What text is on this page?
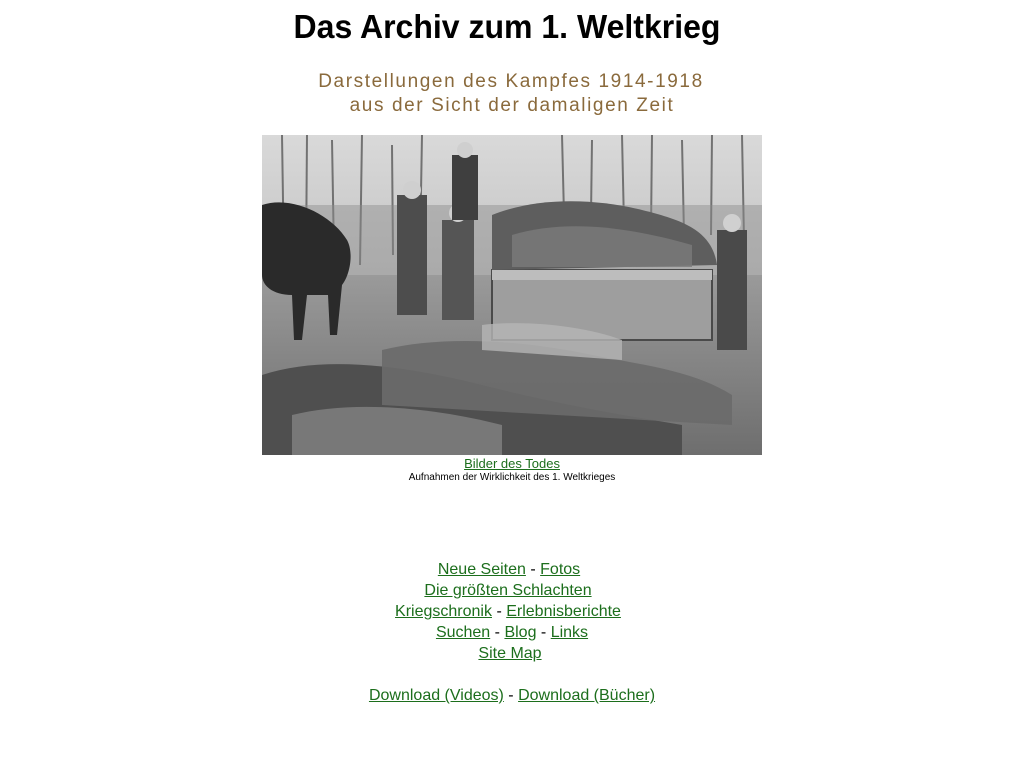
Das Archiv zum 1. Weltkrieg

Darstellungen des Kampfes 1914-1918

aus der Sicht der damaligen Zeit

Bilder des Todes
Aufnahmen der Wirklichkeit des 1. Weltkrieges
Neue Seiten - Fotos
Die größten Schlachten
Kriegschronik - Erlebnisberichte
Suchen - Blog - Links
Site Map
Download (Videos) - Download (Bücher)
